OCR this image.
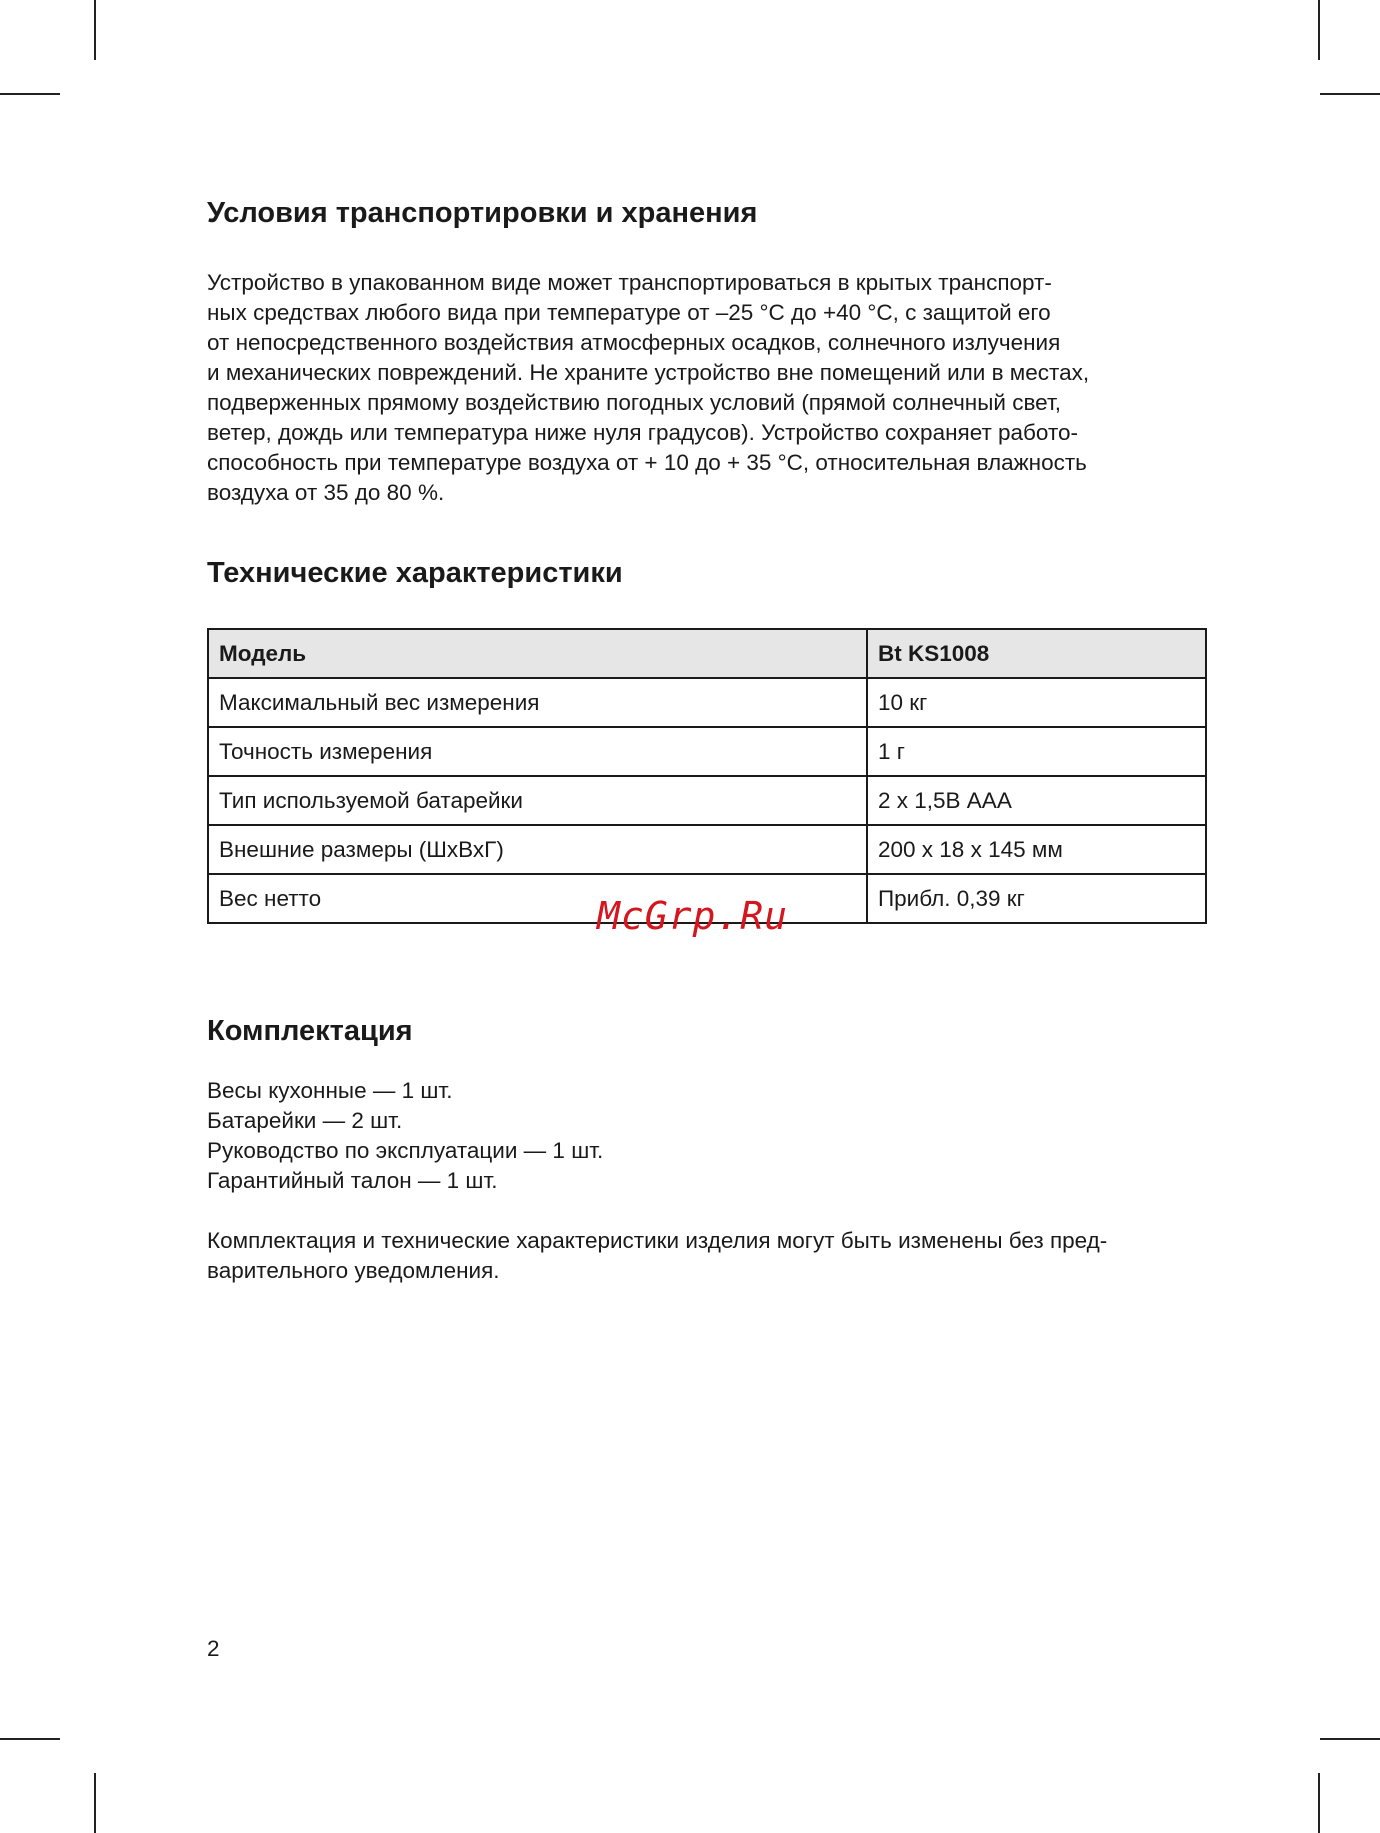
Условия транспортировки и хранения

Устройство в упакованном виде может транспортироваться в крытых транспорт-

ных средствах любого вида при температуре от –25 °С до +40 °С, с защитой его

от непосредственного воздействия атмосферных осадков, солнечного излучения

и механических повреждений. Не храните устройство вне помещений или в местах,

подверженных прямому воздействию погодных условий (прямой солнечный свет,

ветер, дождь или температура ниже нуля градусов). Устройство сохраняет работо-

способность при температуре воздуха от + 10 до + 35 °С, относительная влажность

воздуха от 35 до 80 %.

Технические характеристики
Модель	Bt KS1008
Максимальный вес измерения	10 кг
Точность измерения	1 г
Тип используемой батарейки	2 x 1,5В AAA
Внешние размеры (ШхВхГ)	200 x 18 x 145 мм
Вес нетто	Прибл. 0,39 кг
Комплектация

Весы кухонные — 1 шт.

Батарейки — 2 шт.

Руководство по эксплуатации — 1 шт.

Гарантийный талон — 1 шт.

Комплектация и технические характеристики изделия могут быть изменены без пред-

варительного уведомления.

McGrp.Ru
2
